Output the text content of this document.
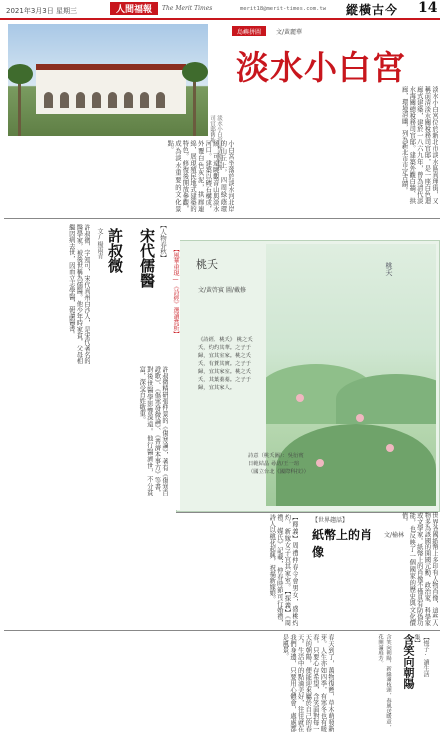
2021年3月3日 星期三	人間福報	The Merit Times	merit18@merit-times.com.tw 縱橫古今 14
淡水小白宮是清總稅務司官邸舊址。
島嶼拼圖	文/黃麗華
淡水小白宮
淡水小白宮位於新北市淡水區真理街，又稱前清淡水關稅務司官邸，是一座白色迴廊式建築，建於一八六九年，曾為清代淡水海關總稅務司官邸。建築外觀白牆、拱廊，環境清幽，列為新北市市定古蹟。
小白宮坐落於淡水河北岸的山丘上，四周綠蔭環繞，可遠眺觀音山與淡水河口。建築以磚石構成，外覆白色灰泥，拱廊連綿，展現殖民地式建築的特色。修復後開放參觀，成為淡水重要的文化景點。
【人物春秋】
宋代儒醫
許叔微
文/楊雨青
許叔微，字知可，宋代真州白沙人，是宋代著名的醫學家，被後世稱為儒醫。他少年時家貧，父母相繼因病去世，因而立志學醫，研讀醫書。
許叔微精研張仲景的《傷寒論》，著有《傷寒百證歌》、《傷寒發微論》、《普濟本事方》等書，對後世醫學影響深遠。他行醫濟世，不分貧富，深受百姓敬重。
【風華重現—《詩經》選讀賞析】 桃夭
文/黃啓賓 圖/戴修
《詩經．桃夭》 桃之夭夭，灼灼其華。之子于歸，宜其室家。桃之夭夭，有蕡其實。之子于歸，宜其家室。桃之夭夭，其葉蓁蓁。之子于歸，宜其家人。
桃夭
詩意（桃夭圖）：吳衍賓 日範結晶 尋訪/王一瑄 （國立台北《國際科技》）
【釋義】周禮仲春令會男女，盛桃灼灼，新嫁女子宜其家室。【探義】《周禮．媒氏》記載，仲春時節可行婚禮，詩人以桃花起興，祝福新嫁娘。	世界各國紙幣上多印有人物肖像，這些人物多為該國的開國元勳、政治家、科學家或文學家。紙幣上的肖像不僅具有防偽功能，也反映了一個國家的歷史與文化價值。
【世界趨話】
紙幣上的肖像
文/榆林
【慢子·讀生活集】
含笑向朝陽
含笑向朝陽，新綠滿枝頭，春風送暖意，花開滿庭芳。
春天到了，萬物復甦，草木萌發新芽。人生亦如四季，有寒冬也有暖春。只要心存希望，含笑面對每一天的朝陽，便能迎來屬於自己的春天。生活中的點滴美好，往往就在我們身邊，只要用心體會，處處都是風景。
